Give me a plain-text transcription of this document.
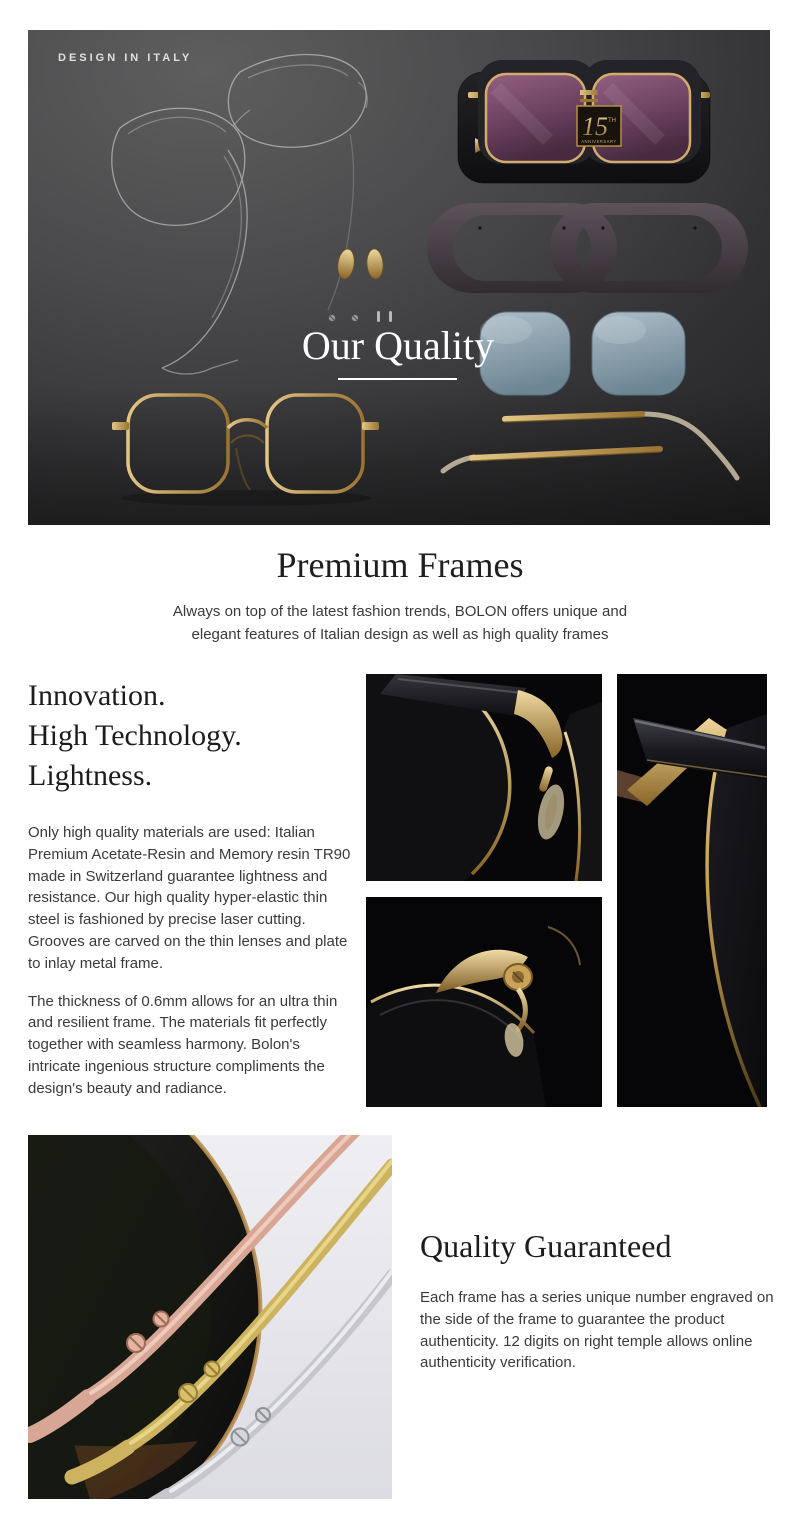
15 TH
ANNIVERSARY
DESIGN IN ITALY
Our Quality
Premium Frames
Always on top of the latest fashion trends, BOLON offers unique and
elegant features of Italian design as well as high quality frames
Innovation.
High Technology.
Lightness.

Only high quality materials are used: Italian Premium Acetate-Resin and Memory resin TR90 made in Switzerland guarantee lightness and resistance. Our high quality hyper-elastic thin steel is fashioned by precise laser cutting. Grooves are carved on the thin lenses and plate to inlay metal frame.

The thickness of 0.6mm allows for an ultra thin and resilient frame. The materials fit perfectly together with seamless harmony. Bolon's intricate ingenious structure compliments the design's beauty and radiance.

Quality Guaranteed
Each frame has a series unique number engraved on the side of the frame to guarantee the product authenticity. 12 digits on right temple allows online authenticity verification.
